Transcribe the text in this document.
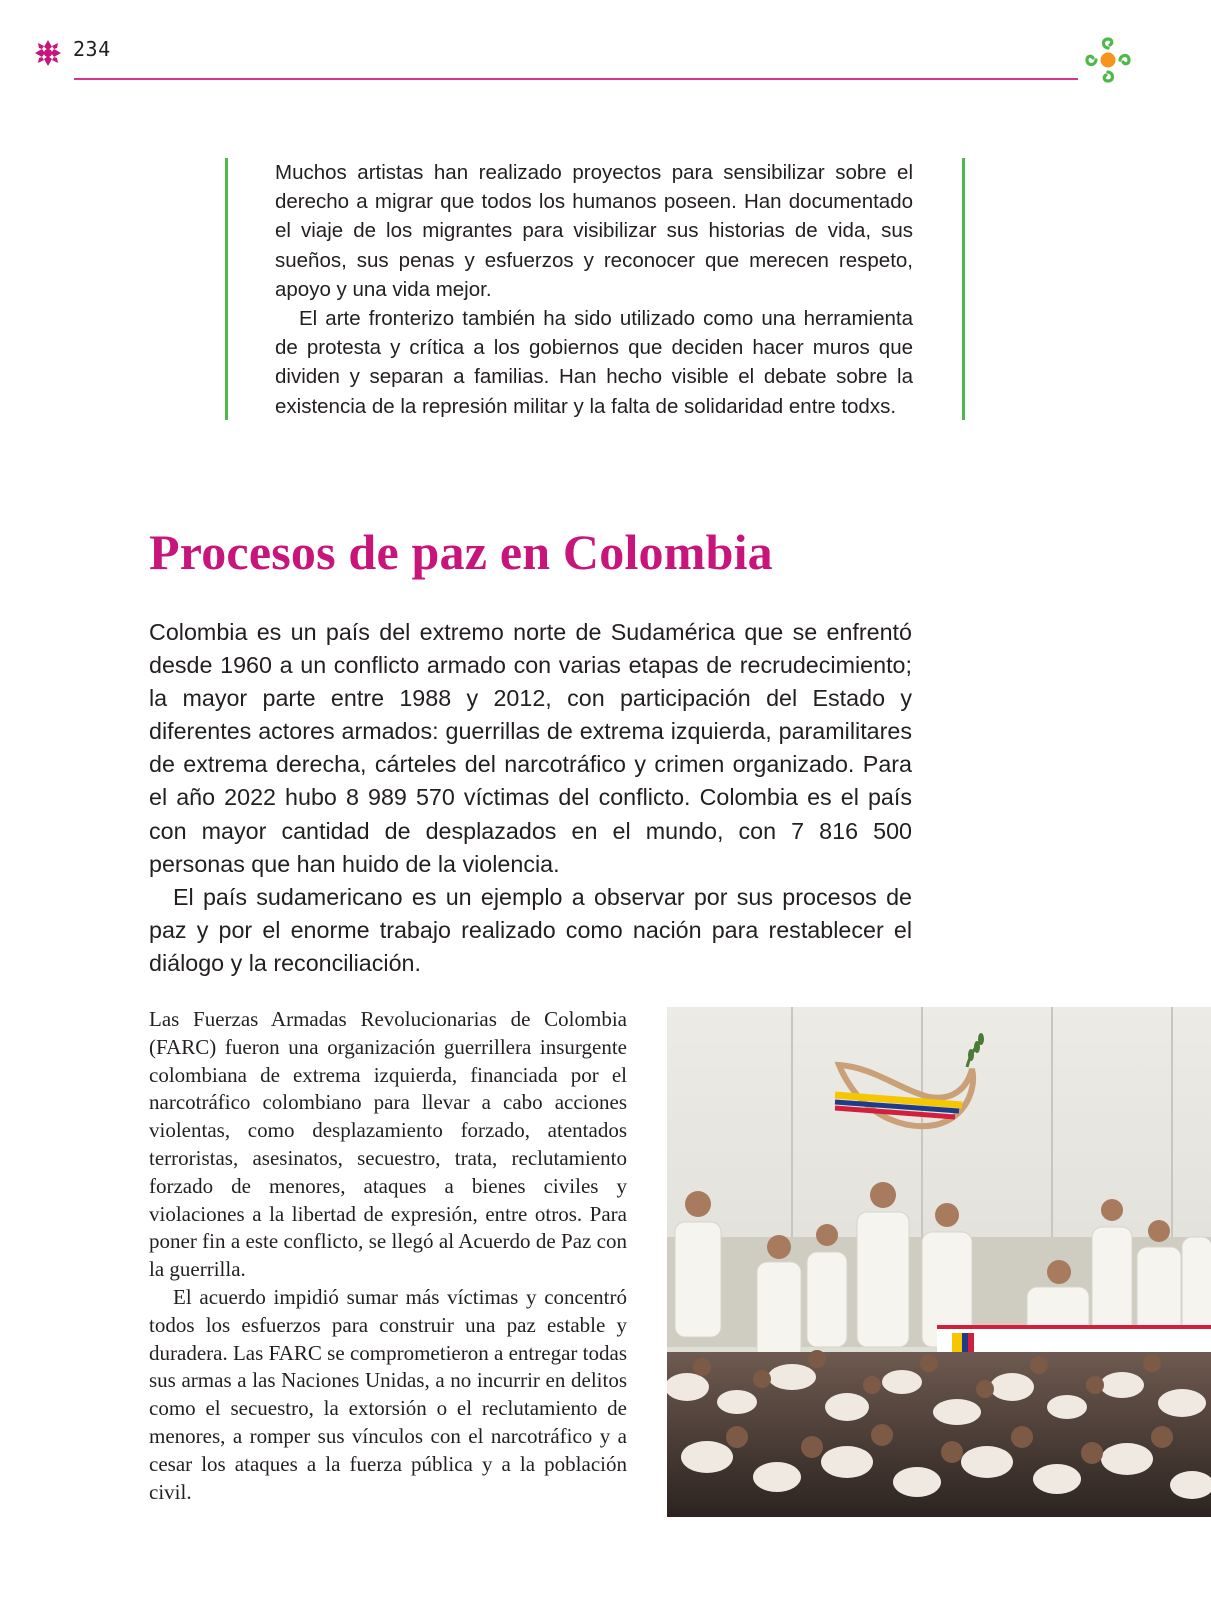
234

Muchos artistas han realizado proyectos para sensibilizar sobre el derecho a migrar que todos los humanos poseen. Han documentado el viaje de los migrantes para visibilizar sus historias de vida, sus sueños, sus penas y esfuerzos y reconocer que merecen respeto, apoyo y una vida mejor.

El arte fronterizo también ha sido utilizado como una herramienta de protesta y crítica a los gobiernos que deciden hacer muros que dividen y separan a familias. Han hecho visible el debate sobre la existencia de la represión militar y la falta de solidaridad entre todxs.

Procesos de paz en Colombia

Colombia es un país del extremo norte de Sudamérica que se enfrentó desde 1960 a un conflicto armado con varias etapas de recrudecimiento; la mayor parte entre 1988 y 2012, con participación del Estado y diferentes actores armados: guerrillas de extrema izquierda, paramilitares de extrema derecha, cárteles del narcotráfico y crimen organizado. Para el año 2022 hubo 8 989 570 víctimas del conflicto. Colombia es el país con mayor cantidad de desplazados en el mundo, con 7 816 500 personas que han huido de la violencia.

El país sudamericano es un ejemplo a observar por sus procesos de paz y por el enorme trabajo realizado como nación para restablecer el diálogo y la reconciliación.

Las Fuerzas Armadas Revolucionarias de Colombia (FARC) fueron una organización guerrillera insurgente colombiana de extrema izquierda, financiada por el narcotráfico colombiano para llevar a cabo acciones violentas, como desplazamiento forzado, atentados terroristas, asesinatos, secuestro, trata, reclutamiento forzado de menores, ataques a bienes civiles y violaciones a la libertad de expresión, entre otros. Para poner fin a este conflicto, se llegó al Acuerdo de Paz con la guerrilla.

El acuerdo impidió sumar más víctimas y concentró todos los esfuerzos para construir una paz estable y duradera. Las FARC se comprometieron a entregar todas sus armas a las Naciones Unidas, a no incurrir en delitos como el secuestro, la extorsión o el reclutamiento de menores, a romper sus vínculos con el narcotráfico y a cesar los ataques a la fuerza pública y a la población civil.
